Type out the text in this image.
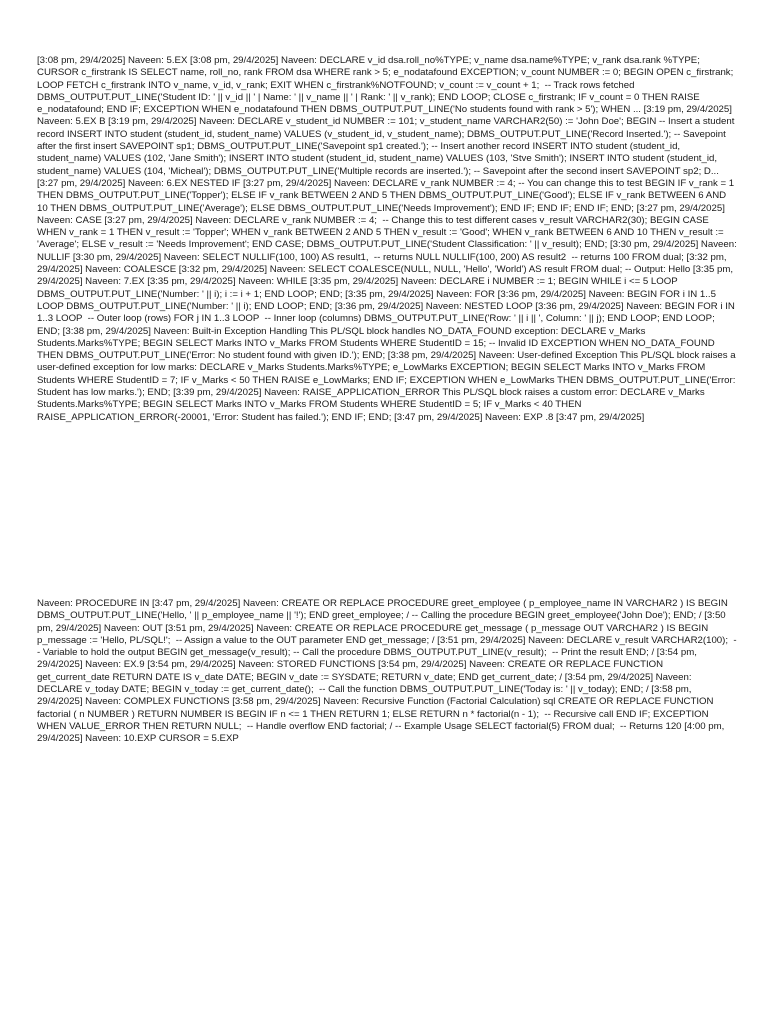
[3:08 pm, 29/4/2025] Naveen: 5.EX [3:08 pm, 29/4/2025] Naveen: DECLARE v_id dsa.roll_no%TYPE; v_name dsa.name%TYPE; v_rank dsa.rank %TYPE; CURSOR c_firstrank IS SELECT name, roll_no, rank FROM dsa WHERE rank > 5; e_nodatafound EXCEPTION; v_count NUMBER := 0; BEGIN OPEN c_firstrank; LOOP FETCH c_firstrank INTO v_name, v_id, v_rank; EXIT WHEN c_firstrank%NOTFOUND; v_count := v_count + 1;  -- Track rows fetched DBMS_OUTPUT.PUT_LINE('Student ID: ' || v_id || ' | Name: ' || v_name || ' | Rank: ' || v_rank); END LOOP; CLOSE c_firstrank; IF v_count = 0 THEN RAISE e_nodatafound; END IF; EXCEPTION WHEN e_nodatafound THEN DBMS_OUTPUT.PUT_LINE('No students found with rank > 5'); WHEN ... [3:19 pm, 29/4/2025] Naveen: 5.EX B [3:19 pm, 29/4/2025] Naveen: DECLARE v_student_id NUMBER := 101; v_student_name VARCHAR2(50) := 'John Doe'; BEGIN -- Insert a student record INSERT INTO student (student_id, student_name) VALUES (v_student_id, v_student_name); DBMS_OUTPUT.PUT_LINE('Record Inserted.'); -- Savepoint after the first insert SAVEPOINT sp1; DBMS_OUTPUT.PUT_LINE('Savepoint sp1 created.'); -- Insert another record INSERT INTO student (student_id, student_name) VALUES (102, 'Jane Smith'); INSERT INTO student (student_id, student_name) VALUES (103, 'Stve Smith'); INSERT INTO student (student_id, student_name) VALUES (104, 'Micheal'); DBMS_OUTPUT.PUT_LINE('Multiple records are inserted.'); -- Savepoint after the second insert SAVEPOINT sp2; D... [3:27 pm, 29/4/2025] Naveen: 6.EX NESTED IF [3:27 pm, 29/4/2025] Naveen: DECLARE v_rank NUMBER := 4; -- You can change this to test BEGIN IF v_rank = 1 THEN DBMS_OUTPUT.PUT_LINE('Topper'); ELSE IF v_rank BETWEEN 2 AND 5 THEN DBMS_OUTPUT.PUT_LINE('Good'); ELSE IF v_rank BETWEEN 6 AND 10 THEN DBMS_OUTPUT.PUT_LINE('Average'); ELSE DBMS_OUTPUT.PUT_LINE('Needs Improvement'); END IF; END IF; END IF; END; [3:27 pm, 29/4/2025] Naveen: CASE [3:27 pm, 29/4/2025] Naveen: DECLARE v_rank NUMBER := 4;  -- Change this to test different cases v_result VARCHAR2(30); BEGIN CASE WHEN v_rank = 1 THEN v_result := 'Topper'; WHEN v_rank BETWEEN 2 AND 5 THEN v_result := 'Good'; WHEN v_rank BETWEEN 6 AND 10 THEN v_result := 'Average'; ELSE v_result := 'Needs Improvement'; END CASE; DBMS_OUTPUT.PUT_LINE('Student Classification: ' || v_result); END; [3:30 pm, 29/4/2025] Naveen: NULLIF [3:30 pm, 29/4/2025] Naveen: SELECT NULLIF(100, 100) AS result1,  -- returns NULL NULLIF(100, 200) AS result2  -- returns 100 FROM dual; [3:32 pm, 29/4/2025] Naveen: COALESCE [3:32 pm, 29/4/2025] Naveen: SELECT COALESCE(NULL, NULL, 'Hello', 'World') AS result FROM dual; -- Output: Hello [3:35 pm, 29/4/2025] Naveen: 7.EX [3:35 pm, 29/4/2025] Naveen: WHILE [3:35 pm, 29/4/2025] Naveen: DECLARE i NUMBER := 1; BEGIN WHILE i <= 5 LOOP DBMS_OUTPUT.PUT_LINE('Number: ' || i); i := i + 1; END LOOP; END; [3:35 pm, 29/4/2025] Naveen: FOR [3:36 pm, 29/4/2025] Naveen: BEGIN FOR i IN 1..5 LOOP DBMS_OUTPUT.PUT_LINE('Number: ' || i); END LOOP; END; [3:36 pm, 29/4/2025] Naveen: NESTED LOOP [3:36 pm, 29/4/2025] Naveen: BEGIN FOR i IN 1..3 LOOP  -- Outer loop (rows) FOR j IN 1..3 LOOP  -- Inner loop (columns) DBMS_OUTPUT.PUT_LINE('Row: ' || i || ', Column: ' || j); END LOOP; END LOOP; END; [3:38 pm, 29/4/2025] Naveen: Built-in Exception Handling This PL/SQL block handles NO_DATA_FOUND exception: DECLARE v_Marks Students.Marks%TYPE; BEGIN SELECT Marks INTO v_Marks FROM Students WHERE StudentID = 15; -- Invalid ID EXCEPTION WHEN NO_DATA_FOUND THEN DBMS_OUTPUT.PUT_LINE('Error: No student found with given ID.'); END; [3:38 pm, 29/4/2025] Naveen: User-defined Exception This PL/SQL block raises a user-defined exception for low marks: DECLARE v_Marks Students.Marks%TYPE; e_LowMarks EXCEPTION; BEGIN SELECT Marks INTO v_Marks FROM Students WHERE StudentID = 7; IF v_Marks < 50 THEN RAISE e_LowMarks; END IF; EXCEPTION WHEN e_LowMarks THEN DBMS_OUTPUT.PUT_LINE('Error: Student has low marks.'); END; [3:39 pm, 29/4/2025] Naveen: RAISE_APPLICATION_ERROR This PL/SQL block raises a custom error: DECLARE v_Marks Students.Marks%TYPE; BEGIN SELECT Marks INTO v_Marks FROM Students WHERE StudentID = 5; IF v_Marks < 40 THEN RAISE_APPLICATION_ERROR(-20001, 'Error: Student has failed.'); END IF; END; [3:47 pm, 29/4/2025] Naveen: EXP .8 [3:47 pm, 29/4/2025]

Naveen: PROCEDURE IN [3:47 pm, 29/4/2025] Naveen: CREATE OR REPLACE PROCEDURE greet_employee ( p_employee_name IN VARCHAR2 ) IS BEGIN DBMS_OUTPUT.PUT_LINE('Hello, ' || p_employee_name || '!'); END greet_employee; / -- Calling the procedure BEGIN greet_employee('John Doe'); END; / [3:50 pm, 29/4/2025] Naveen: OUT [3:51 pm, 29/4/2025] Naveen: CREATE OR REPLACE PROCEDURE get_message ( p_message OUT VARCHAR2 ) IS BEGIN p_message := 'Hello, PL/SQL!';  -- Assign a value to the OUT parameter END get_message; / [3:51 pm, 29/4/2025] Naveen: DECLARE v_result VARCHAR2(100);  -- Variable to hold the output BEGIN get_message(v_result); -- Call the procedure DBMS_OUTPUT.PUT_LINE(v_result);  -- Print the result END; / [3:54 pm, 29/4/2025] Naveen: EX.9 [3:54 pm, 29/4/2025] Naveen: STORED FUNCTIONS [3:54 pm, 29/4/2025] Naveen: CREATE OR REPLACE FUNCTION get_current_date RETURN DATE IS v_date DATE; BEGIN v_date := SYSDATE; RETURN v_date; END get_current_date; / [3:54 pm, 29/4/2025] Naveen: DECLARE v_today DATE; BEGIN v_today := get_current_date();  -- Call the function DBMS_OUTPUT.PUT_LINE('Today is: ' || v_today); END; / [3:58 pm, 29/4/2025] Naveen: COMPLEX FUNCTIONS [3:58 pm, 29/4/2025] Naveen: Recursive Function (Factorial Calculation) sql CREATE OR REPLACE FUNCTION factorial ( n NUMBER ) RETURN NUMBER IS BEGIN IF n <= 1 THEN RETURN 1; ELSE RETURN n * factorial(n - 1);  -- Recursive call END IF; EXCEPTION WHEN VALUE_ERROR THEN RETURN NULL;  -- Handle overflow END factorial; / -- Example Usage SELECT factorial(5) FROM dual;  -- Returns 120 [4:00 pm, 29/4/2025] Naveen: 10.EXP CURSOR = 5.EXP
